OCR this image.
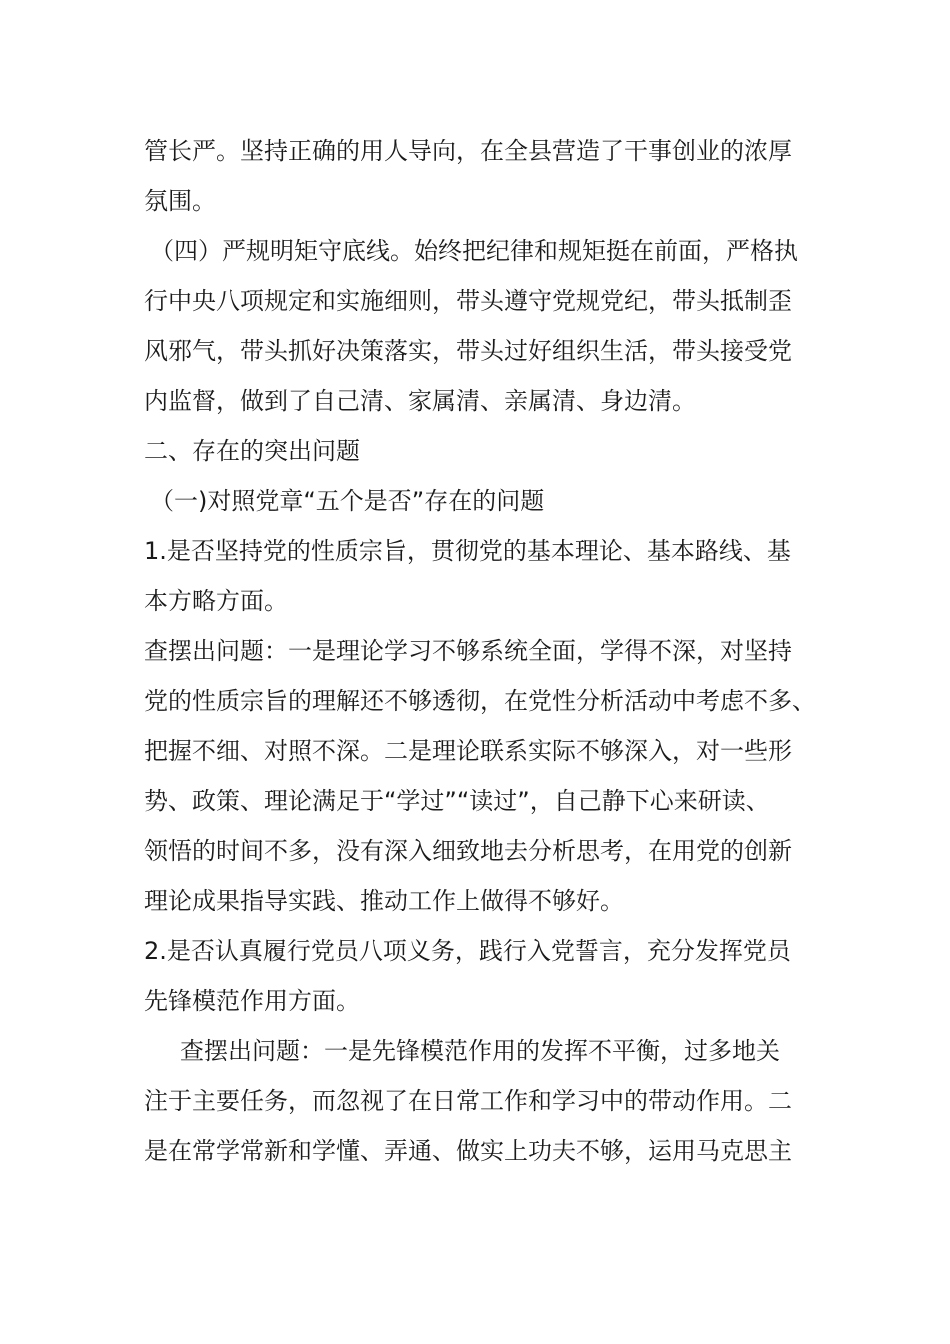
管长严。坚持正确的用人导向，在全县营造了干事创业的浓厚
氛围。
（四）严规明矩守底线。始终把纪律和规矩挺在前面，严格执
行中央八项规定和实施细则，带头遵守党规党纪，带头抵制歪
风邪气，带头抓好决策落实，带头过好组织生活，带头接受党
内监督，做到了自己清、家属清、亲属清、身边清。
二、存在的突出问题
（一)对照党章“五个是否”存在的问题
1.是否坚持党的性质宗旨，贯彻党的基本理论、基本路线、基
本方略方面。
查摆出问题：一是理论学习不够系统全面，学得不深，对坚持
党的性质宗旨的理解还不够透彻，在党性分析活动中考虑不多、
把握不细、对照不深。二是理论联系实际不够深入，对一些形
势、政策、理论满足于“学过”“读过”，自己静下心来研读、
领悟的时间不多，没有深入细致地去分析思考，在用党的创新
理论成果指导实践、推动工作上做得不够好。
2.是否认真履行党员八项义务，践行入党誓言，充分发挥党员
先锋模范作用方面。
查摆出问题：一是先锋模范作用的发挥不平衡，过多地关
注于主要任务，而忽视了在日常工作和学习中的带动作用。二
是在常学常新和学懂、弄通、做实上功夫不够，运用马克思主
